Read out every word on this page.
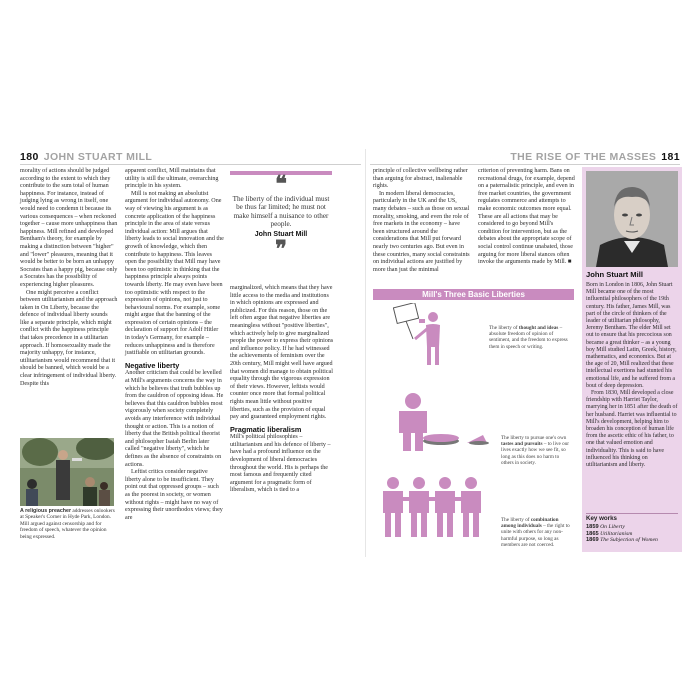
180 JOHN STUART MILL	THE RISE OF THE MASSES 181

morality of actions should be judged according to the extent to which they contribute to the sum total of human happiness. For instance, instead of judging lying as wrong in itself, one would need to condemn it because its various consequences – when reckoned together – cause more unhappiness than happiness. Mill refined and developed Bentham's theory, for example by making a distinction between "higher" and "lower" pleasures, meaning that it would be better to be born an unhappy Socrates than a happy pig, because only a Socrates has the possibility of experiencing higher pleasures.

One might perceive a conflict between utilitarianism and the approach taken in On Liberty, because the defence of individual liberty sounds like a separate principle, which might conflict with the happiness principle that takes precedence in a utilitarian approach. If homosexuality made the majority unhappy, for instance, utilitarianism would recommend that it should be banned, which would be a clear infringement of individual liberty. Despite this

A religious preacher addresses onlookers at Speaker's Corner in Hyde Park, London. Mill argued against censorship and for freedom of speech, whatever the opinion being expressed.

apparent conflict, Mill maintains that utility is still the ultimate, overarching principle in his system.

Mill is not making an absolutist argument for individual autonomy. One way of viewing his argument is as concrete application of the happiness principle in the area of state versus individual action: Mill argues that liberty leads to social innovation and the growth of knowledge, which then contribute to happiness. This leaves open the possibility that Mill may have been too optimistic in thinking that the happiness principle always points towards liberty. He may even have been too optimistic with respect to the expression of opinions, not just to behavioural norms. For example, some might argue that the banning of the expression of certain opinions – the declaration of support for Adolf Hitler in today's Germany, for example – reduces unhappiness and is therefore justifiable on utilitarian grounds.

Negative liberty

Another criticism that could be levelled at Mill's arguments concerns the way in which he believes that truth bubbles up from the cauldron of opposing ideas. He believes that this cauldron bubbles most vigorously when society completely avoids any interference with individual thought or action. This is a notion of liberty that the British political theorist and philosopher Isaiah Berlin later called "negative liberty", which he defines as the absence of constraints on actions.

Leftist critics consider negative liberty alone to be insufficient. They point out that oppressed groups – such as the poorest in society, or women without rights – might have no way of expressing their unorthodox views; they are

❝
The liberty of the individual must be thus far limited; he must not make himself a nuisance to other people.
John Stuart Mill
❞

marginalized, which means that they have little access to the media and institutions in which opinions are expressed and publicized. For this reason, those on the left often argue that negative liberties are meaningless without "positive liberties", which actively help to give marginalized people the power to express their opinions and influence policy. If he had witnessed the achievements of feminism over the 20th century, Mill might well have argued that women did manage to obtain political equality through the vigorous expression of their views. However, leftists would counter once more that formal political rights mean little without positive liberties, such as the provision of equal pay and guaranteed employment rights.

Pragmatic liberalism

Mill's political philosophies – utilitarianism and his defence of liberty – have had a profound influence on the development of liberal democracies throughout the world. His is perhaps the most famous and frequently cited argument for a pragmatic form of liberalism, which is tied to a

principle of collective wellbeing rather than arguing for abstract, inalienable rights.

In modern liberal democracies, particularly in the UK and the US, many debates – such as those on sexual morality, smoking, and even the role of free markets in the economy – have been structured around the considerations that Mill put forward nearly two centuries ago. But even in these countries, many social constraints on individual actions are justified by more than just the minimal

criterion of preventing harm. Bans on recreational drugs, for example, depend on a paternalistic principle, and even in free market countries, the government regulates commerce and attempts to make economic outcomes more equal. These are all actions that may be considered to go beyond Mill's condition for intervention, but as the debates about the appropriate scope of social control continue unabated, those arguing for more liberal stances often invoke the arguments made by Mill. ■

Mill's Three Basic Liberties
The liberty of thought and ideas – absolute freedom of opinion of sentiment, and the freedom to express them in speech or writing.
The liberty to pursue one's own tastes and pursuits – to live our lives exactly how we see fit, so long as this does no harm to others in society.
The liberty of combination among individuals – the right to unite with others for any non-harmful purpose, so long as members are not coerced.
John Stuart Mill

Born in London in 1806, John Stuart Mill became one of the most influential philosophers of the 19th century. His father, James Mill, was part of the circle of thinkers of the leader of utilitarian philosophy, Jeremy Bentham. The elder Mill set out to ensure that his precocious son became a great thinker – as a young boy Mill studied Latin, Greek, history, mathematics, and economics. But at the age of 20, Mill realized that these intellectual exertions had stunted his emotional life, and he suffered from a bout of deep depression.

From 1830, Mill developed a close friendship with Harriet Taylor, marrying her in 1851 after the death of her husband. Harriet was influential to Mill's development, helping him to broaden his conception of human life from the ascetic ethic of his father, to one that valued emotion and individuality. This is said to have influenced his thinking on utilitarianism and liberty.

Key works
1859 On Liberty
1865 Utilitarianism
1869 The Subjection of Women
